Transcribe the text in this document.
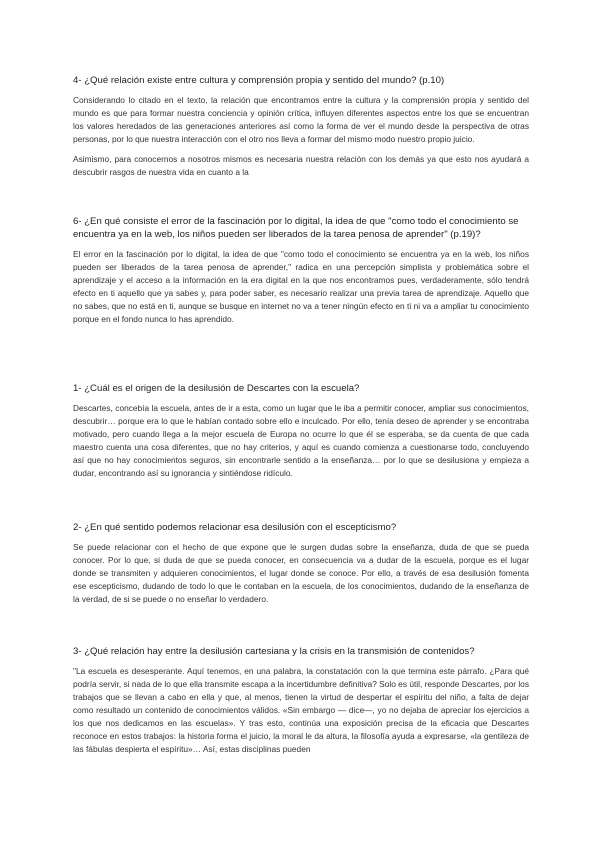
4- ¿Qué relación existe entre cultura y comprensión propia y sentido del mundo? (p.10)
Considerando lo citado en el texto, la relación que encontramos entre la cultura y la comprensión propia y sentido del mundo es que para formar nuestra conciencia y opinión crítica, influyen diferentes aspectos entre los que se encuentran los valores heredados de las generaciones anteriores así como la forma de ver el mundo desde la perspectiva de otras personas, por lo que nuestra interacción con el otro nos lleva a formar del mismo modo nuestro propio juicio.
Asimismo, para conocernos a nosotros mismos es necesaria nuestra relación con los demás ya que esto nos ayudará a descubrir rasgos de nuestra vida en cuanto a la
6- ¿En qué consiste el error de la fascinación por lo digital, la idea de que "como todo el conocimiento se encuentra ya en la web, los niños pueden ser liberados de la tarea penosa de aprender" (p.19)?
El error en la fascinación por lo digital, la idea de que "como todo el conocimiento se encuentra ya en la web, los niños pueden ser liberados de la tarea penosa de aprender," radica en una percepción simplista y problemática sobre el aprendizaje y el acceso a la información en la era digital en la que nos encontramos pues, verdaderamente, sólo tendrá efecto en ti aquello que ya sabes y, para poder saber, es necesario realizar una previa tarea de aprendizaje. Aquello que no sabes, que no está en ti, aunque se busque en internet no va a tener ningún efecto en ti ni va a ampliar tu conocimiento porque en el fondo nunca lo has aprendido.
1- ¿Cuál es el origen de la desilusión de Descartes con la escuela?
Descartes, concebía la escuela, antes de ir a esta, como un lugar que le iba a permitir conocer, ampliar sus conocimientos, descubrir… porque era lo que le habían contado sobre ello e inculcado. Por ello, tenía deseo de aprender y se encontraba motivado, pero cuando llega a la mejor escuela de Europa no ocurre lo que él se esperaba, se da cuenta de que cada maestro cuenta una cosa diferentes, que no hay criterios, y aquí es cuando comienza a cuestionarse todo, concluyendo así que no hay conocimientos seguros, sin encontrarle sentido a la enseñanza… por lo que se desilusiona y empieza a dudar, encontrando así su ignorancia y sintiéndose ridículo.
2- ¿En qué sentido podemos relacionar esa desilusión con el escepticismo?
Se puede relacionar con el hecho de que expone que le surgen dudas sobre la enseñanza, duda de que se pueda conocer. Por lo que, si duda de que se pueda conocer, en consecuencia va a dudar de la escuela, porque es el lugar donde se transmiten y adquieren conocimientos, el lugar donde se conoce. Por ello, a través de esa desilusión fomenta ese escepticismo, dudando de todo lo que le contaban en la escuela, de los conocimientos, dudando de la enseñanza de la verdad, de si se puede o no enseñar lo verdadero.
3- ¿Qué relación hay entre la desilusión cartesiana y la crisis en la transmisión de contenidos?
"La escuela es desesperante. Aquí tenemos, en una palabra, la constatación con la que termina este párrafo. ¿Para qué podría servir, si nada de lo que ella transmite escapa a la incertidumbre definitiva? Solo es útil, responde Descartes, por los trabajos que se llevan a cabo en ella y que, al menos, tienen la virtud de despertar el espíritu del niño, a falta de dejar como resultado un contenido de conocimientos válidos. «Sin embargo — dice—, yo no dejaba de apreciar los ejercicios a los que nos dedicamos en las escuelas». Y tras esto, continúa una exposición precisa de la eficacia que Descartes reconoce en estos trabajos: la historia forma el juicio, la moral le da altura, la filosofía ayuda a expresarse, «la gentileza de las fábulas despierta el espíritu»… Así, estas disciplinas pueden
